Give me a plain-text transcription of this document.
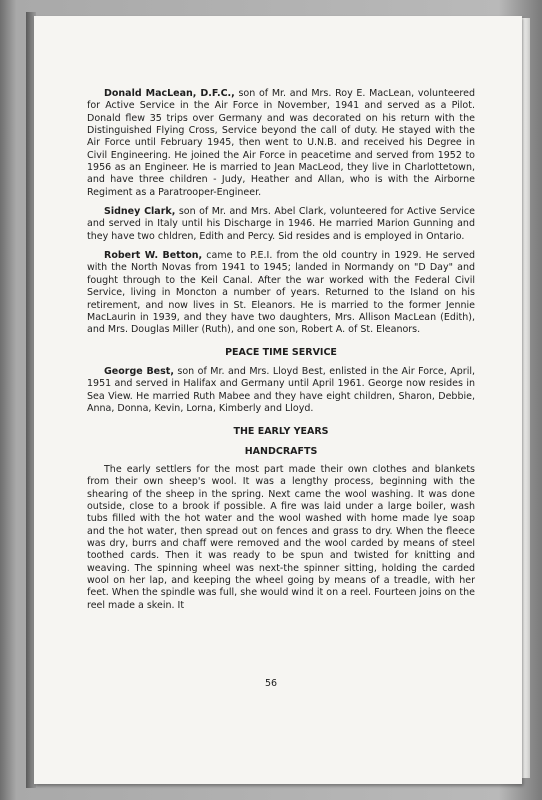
Donald MacLean, D.F.C., son of Mr. and Mrs. Roy E. MacLean, volunteered for Active Service in the Air Force in November, 1941 and served as a Pilot. Donald flew 35 trips over Germany and was decorated on his return with the Distinguished Flying Cross, Service beyond the call of duty. He stayed with the Air Force until February 1945, then went to U.N.B. and received his Degree in Civil Engineering. He joined the Air Force in peacetime and served from 1952 to 1956 as an Engineer. He is married to Jean MacLeod, they live in Charlottetown, and have three children - Judy, Heather and Allan, who is with the Airborne Regiment as a Paratrooper-Engineer.

Sidney Clark, son of Mr. and Mrs. Abel Clark, volunteered for Active Service and served in Italy until his Discharge in 1946. He married Marion Gunning and they have two chldren, Edith and Percy. Sid resides and is employed in Ontario.

Robert W. Betton, came to P.E.I. from the old country in 1929. He served with the North Novas from 1941 to 1945; landed in Normandy on "D Day" and fought through to the Keil Canal. After the war worked with the Federal Civil Service, living in Moncton a number of years. Returned to the Island on his retirement, and now lives in St. Eleanors. He is married to the former Jennie MacLaurin in 1939, and they have two daughters, Mrs. Allison MacLean (Edith), and Mrs. Douglas Miller (Ruth), and one son, Robert A. of St. Eleanors.

PEACE TIME SERVICE

George Best, son of Mr. and Mrs. Lloyd Best, enlisted in the Air Force, April, 1951 and served in Halifax and Germany until April 1961. George now resides in Sea View. He married Ruth Mabee and they have eight children, Sharon, Debbie, Anna, Donna, Kevin, Lorna, Kimberly and Lloyd.

THE EARLY YEARS
HANDCRAFTS

The early settlers for the most part made their own clothes and blankets from their own sheep's wool. It was a lengthy process, beginning with the shearing of the sheep in the spring. Next came the wool washing. It was done outside, close to a brook if possible. A fire was laid under a large boiler, wash tubs filled with the hot water and the wool washed with home made lye soap and the hot water, then spread out on fences and grass to dry. When the fleece was dry, burrs and chaff were removed and the wool carded by means of steel toothed cards. Then it was ready to be spun and twisted for knitting and weaving. The spinning wheel was next-the spinner sitting, holding the carded wool on her lap, and keeping the wheel going by means of a treadle, with her feet. When the spindle was full, she would wind it on a reel. Fourteen joins on the reel made a skein. It

56
